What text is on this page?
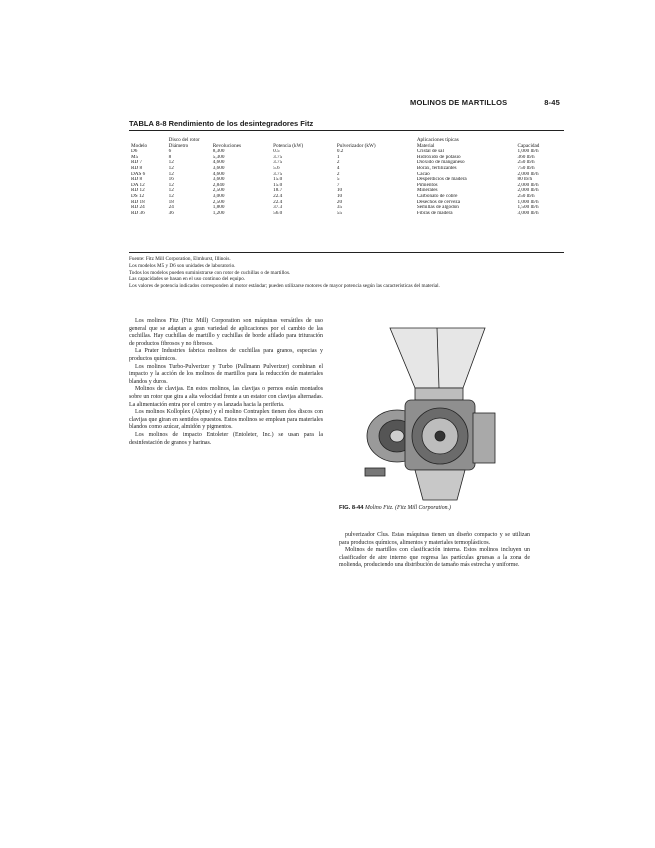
MOLINOS DE MARTILLOS	8-45
TABLA 8-8 Rendimiento de los desintegradores Fitz
	Disco del rotor				Aplicaciones típicas	
Modelo	Diámetro	Revoluciones	Potencia (kW)	Pulverizador (kW)	Material	Capacidad
D6	6	8,300	0.5	0.2	Cristal de sal	1,000 lb/h
M5	8	5,300	3.75	1	Hidróxido de potasio	360 lb/h
RD 7	12	4,600	3.75	2	Dióxido de manganeso	250 lb/h
RD 8	12	3,600	5.6	4	Borax, fertilizantes	750 lb/h
DAS 6	12	4,600	3.75	2	Cacao	2,000 lb/h
RD 8	16	3,600	15.0	5	Desperdicios de madera	80 lb/h
DA 12	12	2,840	15.0	7	Pimientos	2,000 lb/h
RD 12	12	2,500	18.7	10	Minerales	2,000 lb/h
DS 12	12	3,000	22.4	10	Carbonato de cobre	250 lb/h
RD 18	18	2,500	22.4	20	Desechos de cerveza	1,000 lb/h
RD 24	24	1,800	37.3	35	Semillas de algodón	1,500 lb/h
RD 36	36	1,200	56.0	55	Fibras de madera	3,000 lb/h
Fuente: Fitz Mill Corporation, Elmhurst, Illinois.
Los modelos M5 y D6 son unidades de laboratorio.
Todos los modelos pueden suministrarse con rotor de cuchillas o de martillos.
Las capacidades se basan en el uso continuo del equipo.
Los valores de potencia indicados corresponden al motor estándar; pueden utilizarse motores de mayor potencia según las características del material.

Los molinos Fitz (Fitz Mill) Corporation son máquinas versátiles de uso general que se adaptan a gran variedad de aplicaciones por el cambio de las cuchillas. Hay cuchillas de martillo y cuchillas de borde afilado para trituración de productos fibrosos y no fibrosos.

La Prater Industries fabrica molinos de cuchillas para granos, especias y productos químicos.

Los molinos Turbo-Pulverizer y Turbo (Pallmann Pulverizer) combinan el impacto y la acción de los molinos de martillos para la reducción de materiales blandos y duros.

Molinos de clavijas. En estos molinos, las clavijas o pernos están montados sobre un rotor que gira a alta velocidad frente a un estator con clavijas alternadas. La alimentación entra por el centro y es lanzada hacia la periferia.

Los molinos Kolloplex (Alpine) y el molino Contraplex tienen dos discos con clavijas que giran en sentidos opuestos. Estos molinos se emplean para materiales blandos como azúcar, almidón y pigmentos.

Los molinos de impacto Entoleter (Entoleter, Inc.) se usan para la desinfestación de granos y harinas.

FIG. 8-44 Molino Fitz. (Fitz Mill Corporation.)

pulverizador Clus. Estas máquinas tienen un diseño compacto y se utilizan para productos químicos, alimentos y materiales termoplásticos.

Molinos de martillos con clasificación interna. Estos molinos incluyen un clasificador de aire interno que regresa las partículas gruesas a la zona de molienda, produciendo una distribución de tamaño más estrecha y uniforme.
